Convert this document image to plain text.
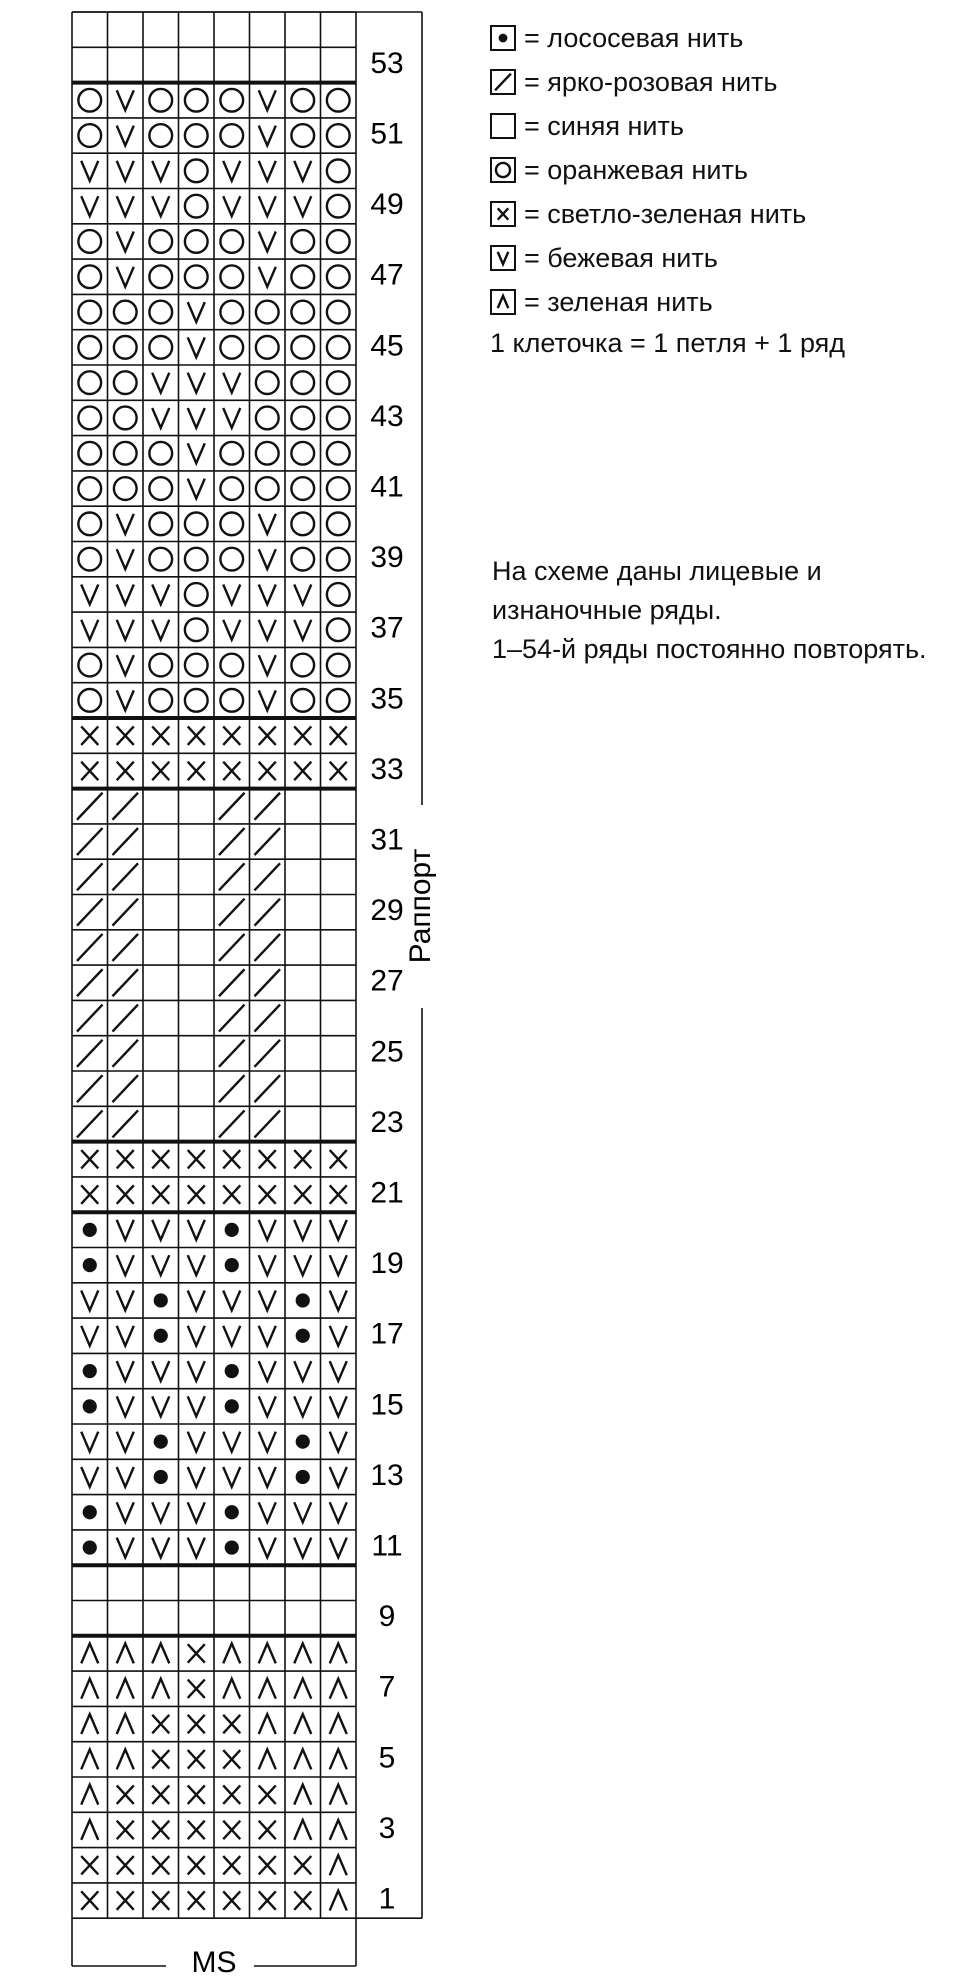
Раппорт
1
3
5
7
9
11
13
15
17
19
21
23
25
27
29
31
33
35
37
39
41
43
45
47
49
51
53
MS
= лососевая нить
= ярко-розовая нить
= синяя нить
= оранжевая нить
= светло-зеленая нить
= бежевая нить
= зеленая нить
1 клеточка = 1 петля + 1 ряд
На схеме даны лицевые и
изнаночные ряды.
1–54-й ряды постоянно повторять.
